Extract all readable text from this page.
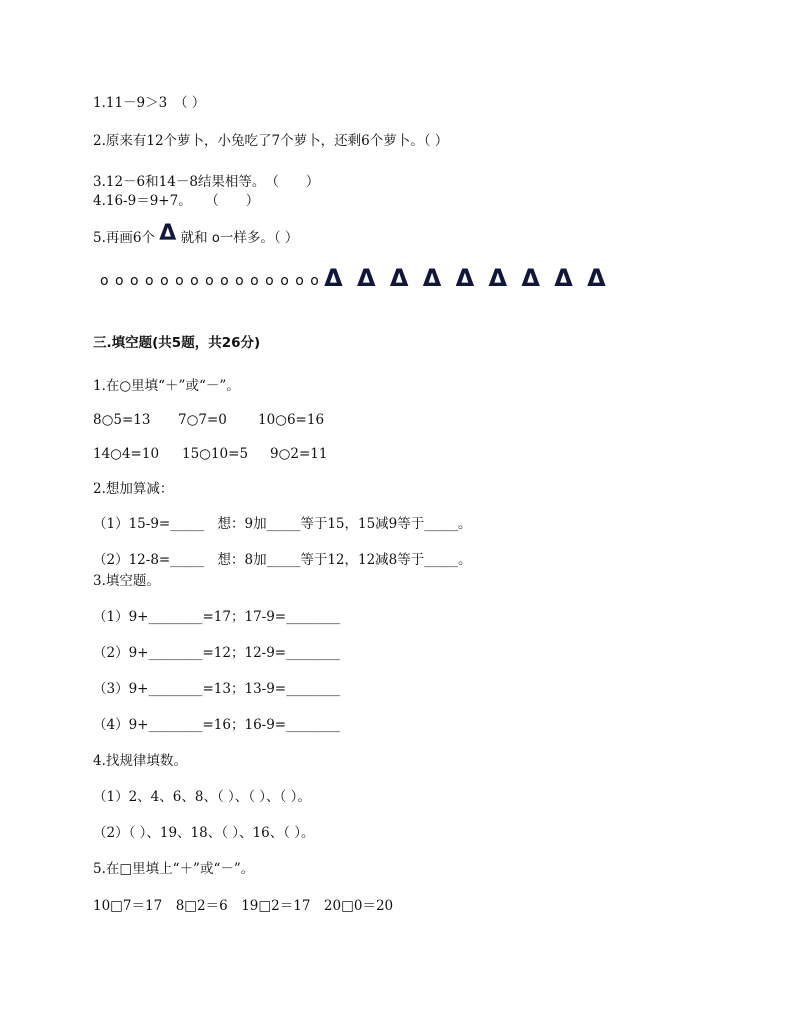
1.11－9＞3　（ ）
2.原来有12个萝卜，小兔吃了7个萝卜，还剩6个萝卜。（ ）
3.12－6和14－8结果相等。　（　　）
4.16-9＝9+7。　　（　　）
5.再画6个 Δ 就和 o一样多。（ ）
o o o o o o o o o o o o o o o Δ Δ Δ Δ Δ Δ Δ Δ Δ
三.填空题(共5题，共26分)
1.在○里填“＋”或“－”。
8○5=13 7○7=0 10○6=16
14○4=10 15○10=5 9○2=11
2.想加算减：
（1）15-9=_____　想：9加_____等于15，15减9等于_____。
（2）12-8=_____　想：8加_____等于12，12减8等于_____。
3.填空题。
（1）9+________=17；17-9=________
（2）9+________=12；12-9=________
（3）9+________=13；13-9=________
（4）9+________=16；16-9=________
4.找规律填数。
（1）2、4、6、8、（ ）、（ ）、（ ）。
（2）（ ）、19、18、（ ）、16、（ ）。
5.在□里填上“＋”或“－”。
10□7＝17　8□2＝6　19□2＝17　20□0＝20
